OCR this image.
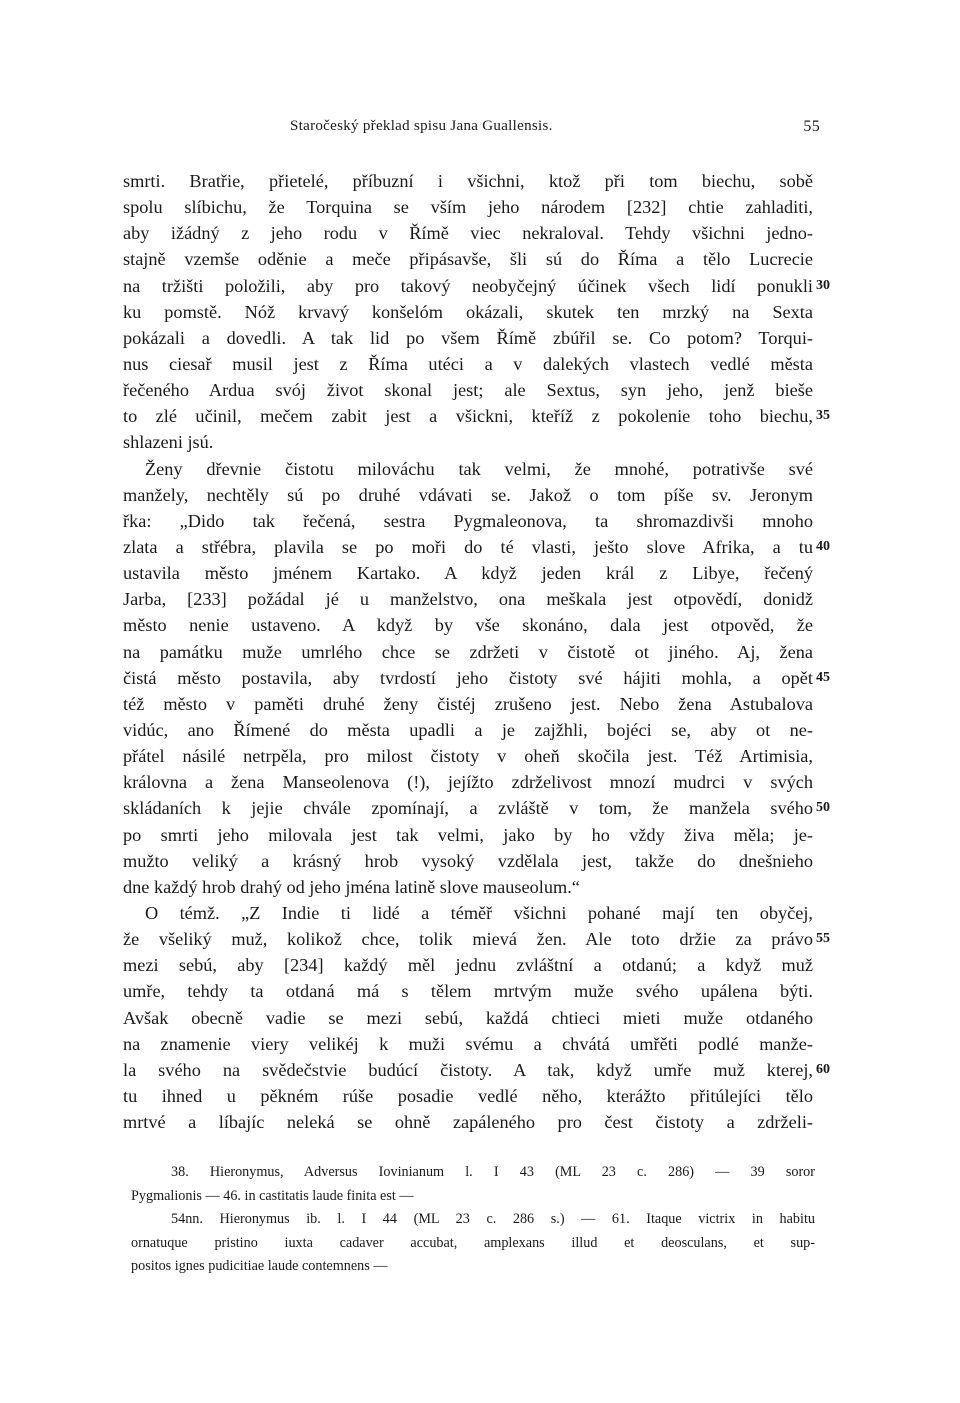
Staročeský překlad spisu Jana Guallensis.	55
smrti. Bratřie, přietelé, příbuzní i všichni, ktož při tom biechu, sobě
spolu slíbichu, že Torquina se vším jeho národem [232] chtie zahladiti,
aby ižádný z jeho rodu v Římě viec nekraloval. Tehdy všichni jedno-
stajně vzemše oděnie a meče připásavše, šli sú do Říma a tělo Lucrecie
na tržišti položili, aby pro takový neobyčejný účinek všech lidí ponukli 30
ku pomstě. Nóž krvavý konšelóm okázali, skutek ten mrzký na Sexta
pokázali a dovedli. A tak lid po všem Římě zbúřil se. Co potom? Torqui-
nus ciesař musil jest z Říma utéci a v dalekých vlastech vedlé města
řečeného Ardua svój život skonal jest; ale Sextus, syn jeho, jenž bieše
to zlé učinil, mečem zabit jest a všickni, kteříž z pokolenie toho biechu, 35
shlazeni jsú.
Ženy dřevnie čistotu milováchu tak velmi, že mnohé, potrativše své
manžely, nechtěly sú po druhé vdávati se. Jakož o tom píše sv. Jeronym
řka: „Dido tak řečená, sestra Pygmaleonova, ta shromazdivši mnoho
zlata a střébra, plavila se po moři do té vlasti, ješto slove Afrika, a tu 40
ustavila město jménem Kartako. A když jeden král z Libye, řečený
Jarba, [233] požádal jé u manželstvo, ona meškala jest otpovědí, donidž
město nenie ustaveno. A když by vše skonáno, dala jest otpověd, že
na památku muže umrlého chce se zdržeti v čistotě ot jiného. Aj, žena
čistá město postavila, aby tvrdostí jeho čistoty své hájiti mohla, a opět 45
též město v paměti druhé ženy čistéj zrušeno jest. Nebo žena Astubalova
vidúc, ano Římené do města upadli a je zajžhli, bojéci se, aby ot ne-
přátel násilé netrpěla, pro milost čistoty v oheň skočila jest. Též Artimisia,
královna a žena Manseolenova (!), jejížto zdrželivost mnozí mudrci v svých
skládaních k jejie chvále zpomínají, a zvláště v tom, že manžela svého 50
po smrti jeho milovala jest tak velmi, jako by ho vždy živa měla; je-
mužto veliký a krásný hrob vysoký vzdělala jest, takže do dnešnieho
dne každý hrob drahý od jeho jména latině slove mauseolum.“
O témž. „Z Indie ti lidé a téměř všichni pohané mají ten obyčej,
že všeliký muž, kolikož chce, tolik mievá žen. Ale toto držie za právo 55
mezi sebú, aby [234] každý měl jednu zvláštní a otdanú; a když muž
umře, tehdy ta otdaná má s tělem mrtvým muže svého upálena býti.
Avšak obecně vadie se mezi sebú, každá chtieci mieti muže otdaného
na znamenie viery velikéj k muži svému a chvátá umřěti podlé manže-
la svého na svědečstvie budúcí čistoty. A tak, když umře muž kterej, 60
tu ihned u pěkném rúše posadie vedlé něho, kterážto přitúlejíci tělo
mrtvé a líbajíc neleká se ohně zapáleného pro čest čistoty a zdrželi-
38. Hieronymus, Adversus Iovinianum l. I 43 (ML 23 c. 286) — 39 soror
Pygmalionis — 46. in castitatis laude finita est —
54nn. Hieronymus ib. l. I 44 (ML 23 c. 286 s.) — 61. Itaque victrix in habitu
ornatuque pristino iuxta cadaver accubat, amplexans illud et deosculans, et sup-
positos ignes pudicitiae laude contemnens —
